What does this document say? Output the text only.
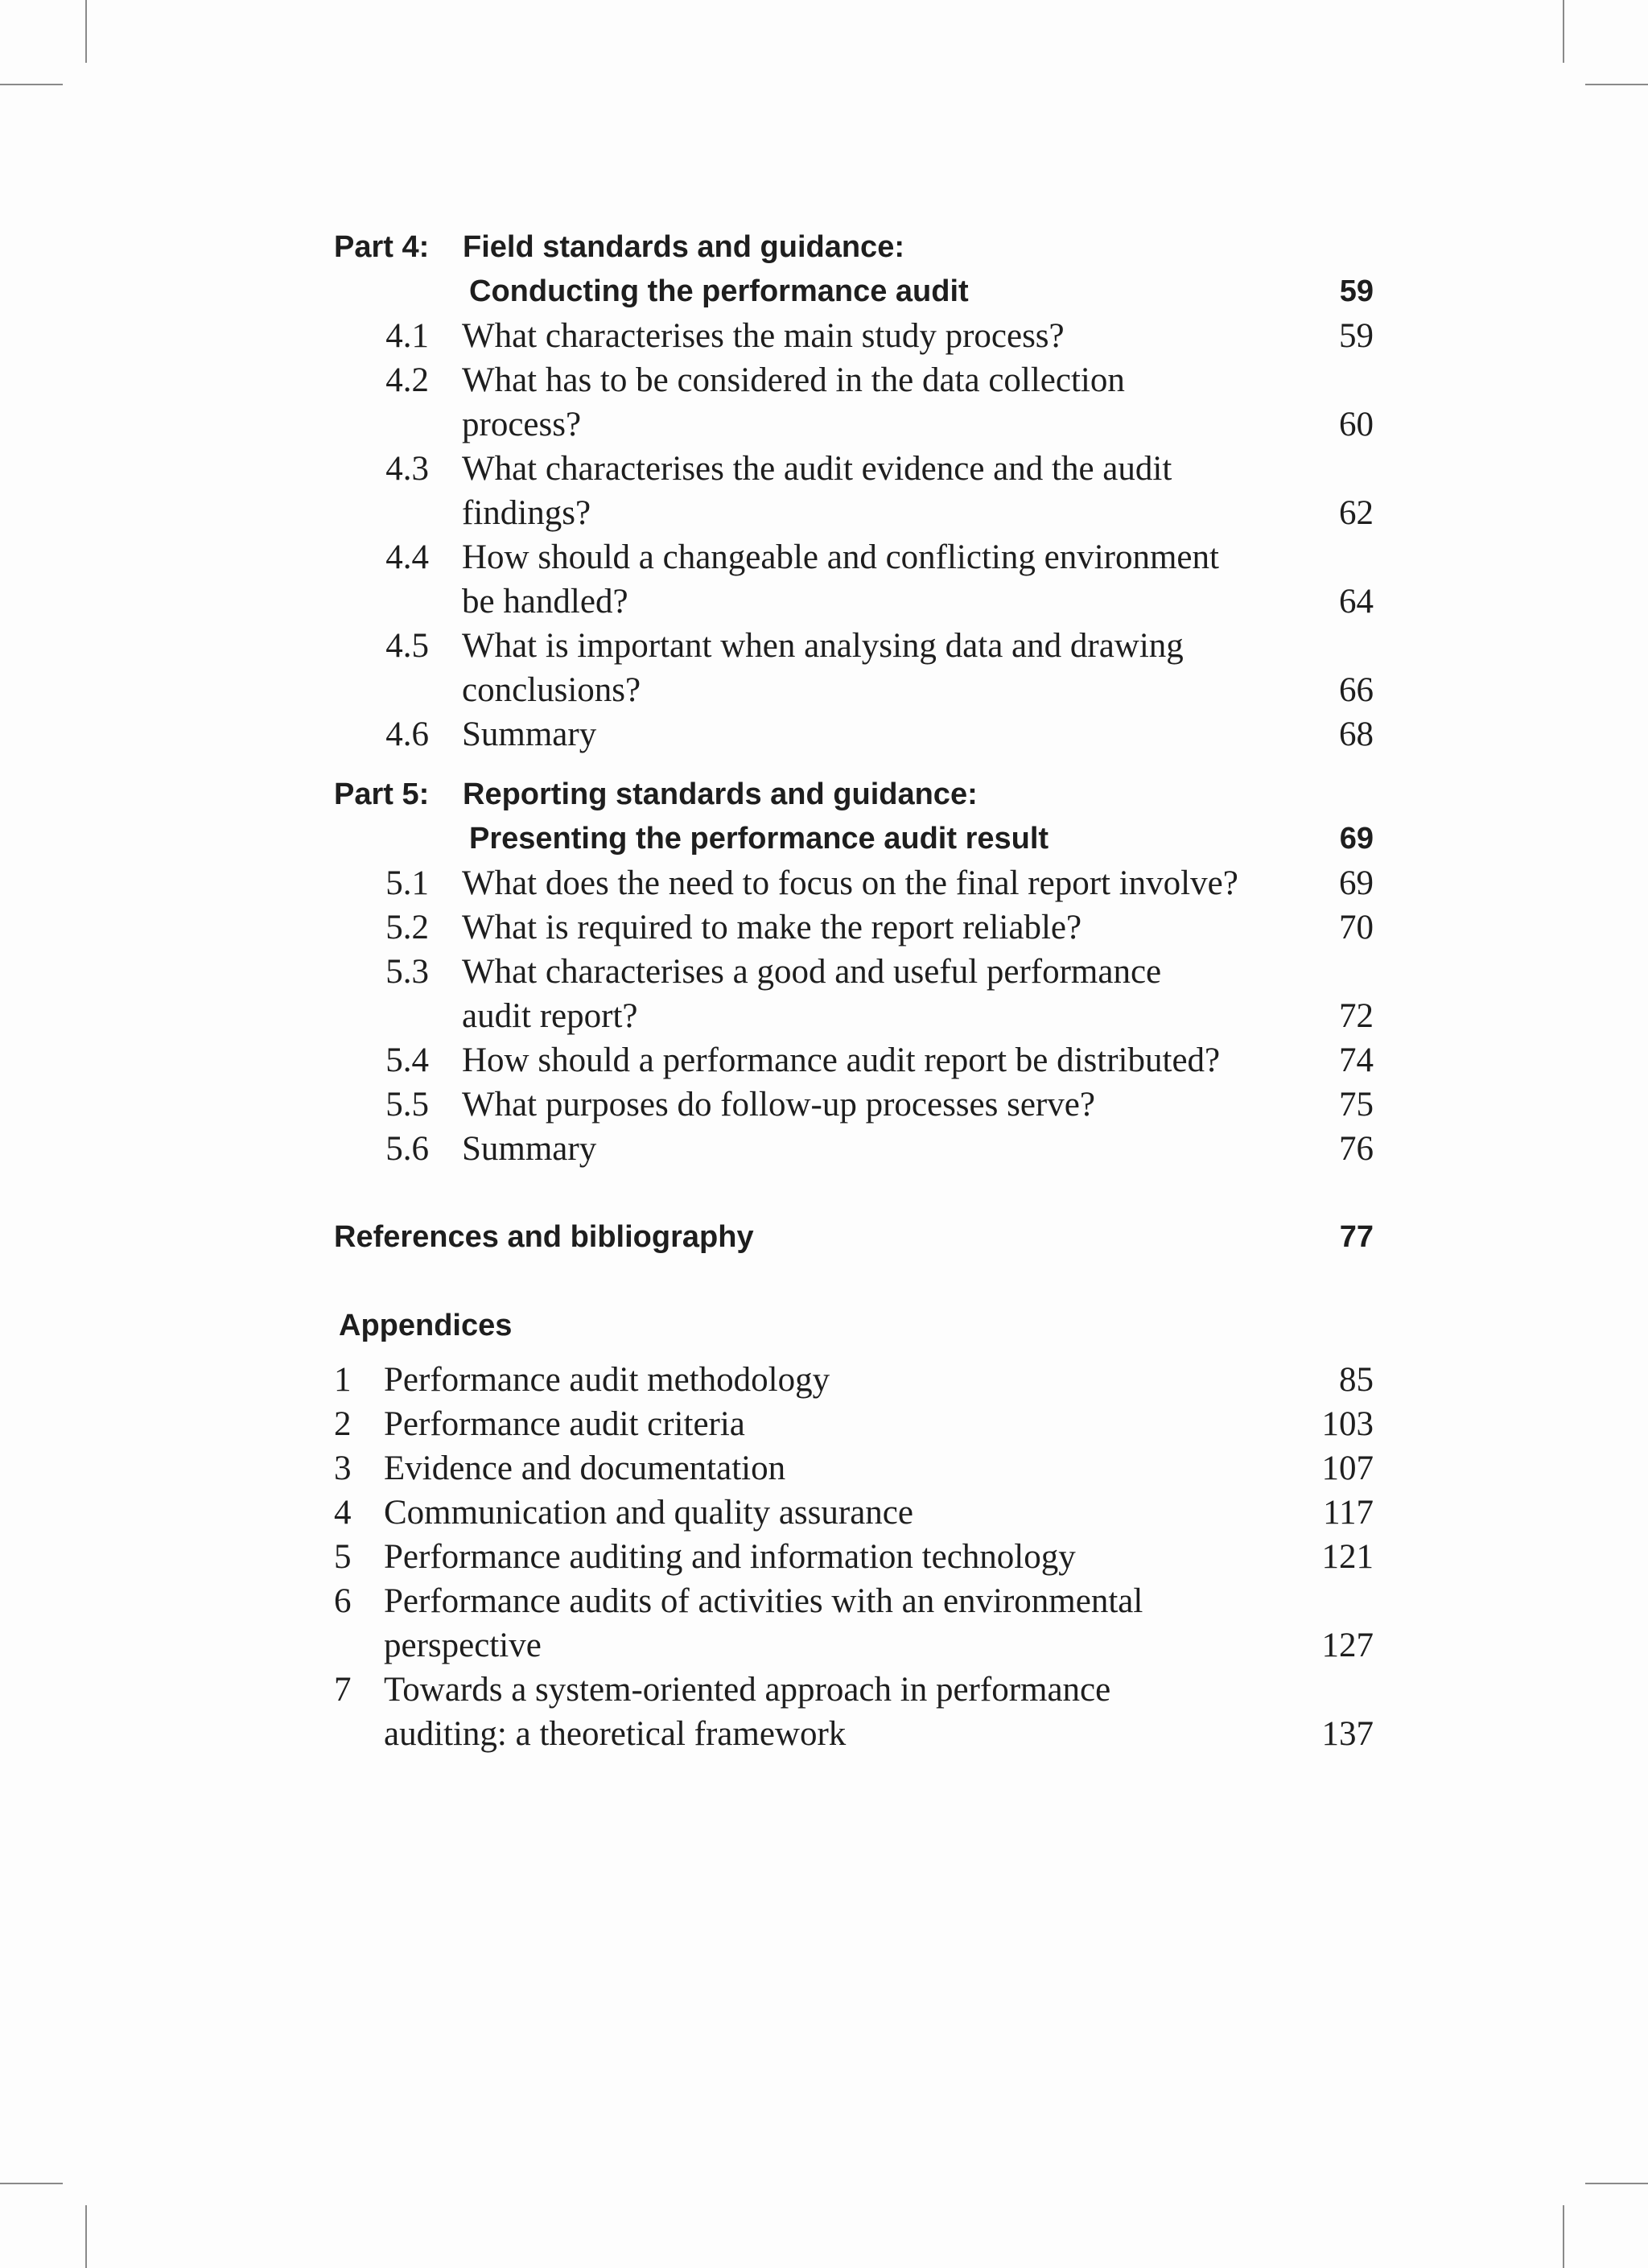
Part 4: Field standards and guidance:
Conducting the performance audit	59
4.1 What characterises the main study process?	59
4.2 What has to be considered in the data collection
process?	60
4.3 What characterises the audit evidence and the audit
findings?	62
4.4 How should a changeable and conflicting environment
be handled?	64
4.5 What is important when analysing data and drawing
conclusions?	66
4.6 Summary	68
Part 5: Reporting standards and guidance:
Presenting the performance audit result	69
5.1 What does the need to focus on the final report involve?	69
5.2 What is required to make the report reliable?	70
5.3 What characterises a good and useful performance
audit report?	72
5.4 How should a performance audit report be distributed?	74
5.5 What purposes do follow-up processes serve?	75
5.6 Summary	76
References and bibliography	77
Appendices
1 Performance audit methodology	85
2 Performance audit criteria	103
3 Evidence and documentation	107
4 Communication and quality assurance	117
5 Performance auditing and information technology	121
6 Performance audits of activities with an environmental
perspective	127
7 Towards a system-oriented approach in performance
auditing: a theoretical framework	137
